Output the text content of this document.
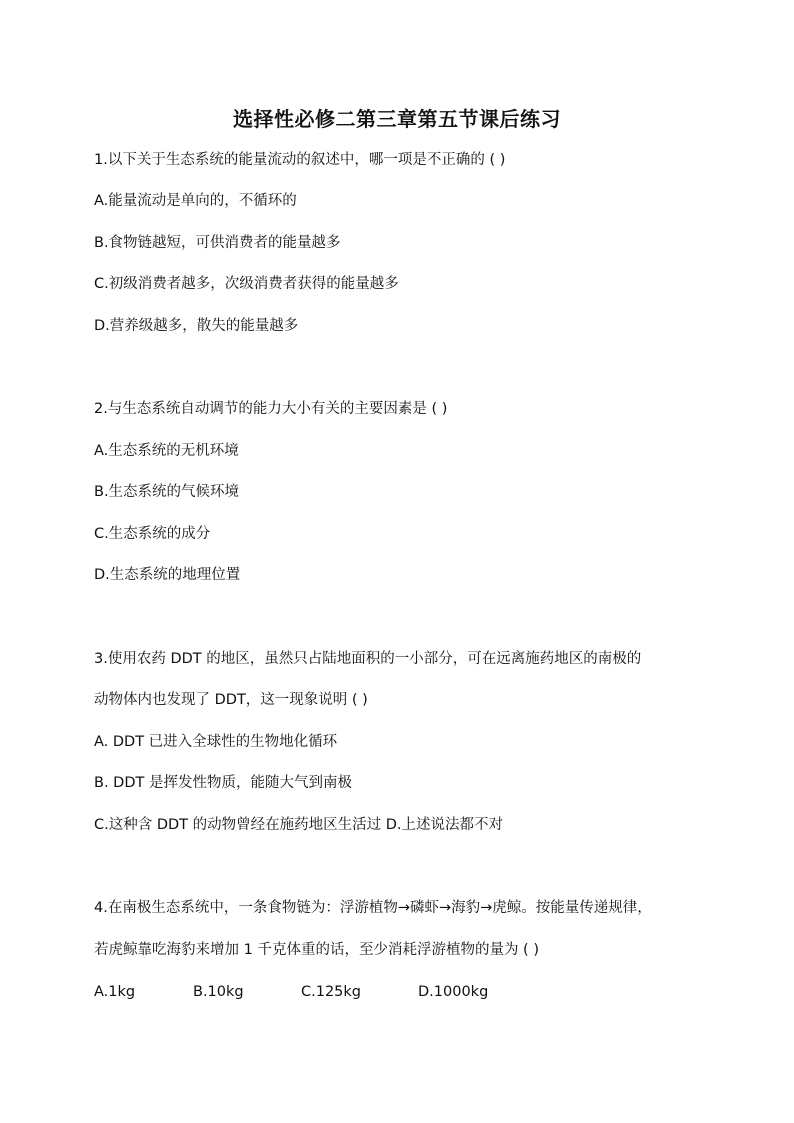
选择性必修二第三章第五节课后练习
1.以下关于生态系统的能量流动的叙述中，哪一项是不正确的 ( )
A.能量流动是单向的，不循环的
B.食物链越短，可供消费者的能量越多
C.初级消费者越多，次级消费者获得的能量越多
D.营养级越多，散失的能量越多
2.与生态系统自动调节的能力大小有关的主要因素是 ( )
A.生态系统的无机环境
B.生态系统的气候环境
C.生态系统的成分
D.生态系统的地理位置
3.使用农药 DDT 的地区，虽然只占陆地面积的一小部分，可在远离施药地区的南极的
动物体内也发现了 DDT，这一现象说明 ( )
A. DDT 已进入全球性的生物地化循环
B. DDT 是挥发性物质，能随大气到南极
C.这种含 DDT 的动物曾经在施药地区生活过 D.上述说法都不对
4.在南极生态系统中，一条食物链为：浮游植物→磷虾→海豹→虎鲸。按能量传递规律，
若虎鲸靠吃海豹来增加 1 千克体重的话，至少消耗浮游植物的量为 ( )
A.1kg	B.10kg	C.125kg	D.1000kg
